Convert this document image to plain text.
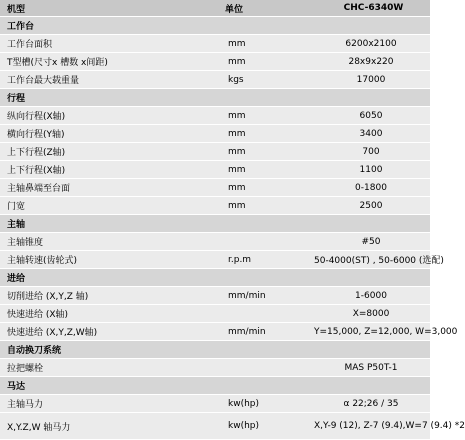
机型	单位	CHC-6340W
工作台		
工作台面积	mm	6200x2100
T型槽(尺寸x 槽数 x间距)	mm	28x9x220
工作台最大载重量	kgs	17000
行程		
纵向行程(X轴)	mm	6050
横向行程(Y轴)	mm	3400
上下行程(Z轴)	mm	700
上下行程(X轴)	mm	1100
主轴鼻端至台面	mm	0-1800
门宽	mm	2500
主轴		
主轴锥度		#50
主轴转速(齿轮式)	r.p.m	50-4000(ST) , 50-6000 (选配)
进给		
切削进给 (X,Y,Z 轴)	mm/min	1-6000
快速进给 (X轴)		X=8000
快速进给 (X,Y,Z,W轴)	mm/min	Y=15,000, Z=12,000, W=3,000
自动换刀系统		
拉把螺栓		MAS P50T-1
马达		
主轴马力	kw(hp)	α 22;26 / 35
X,Y.Z,W 轴马力	kw(hp)	X,Y-9 (12), Z-7 (9.4),W=7 (9.4) *2
